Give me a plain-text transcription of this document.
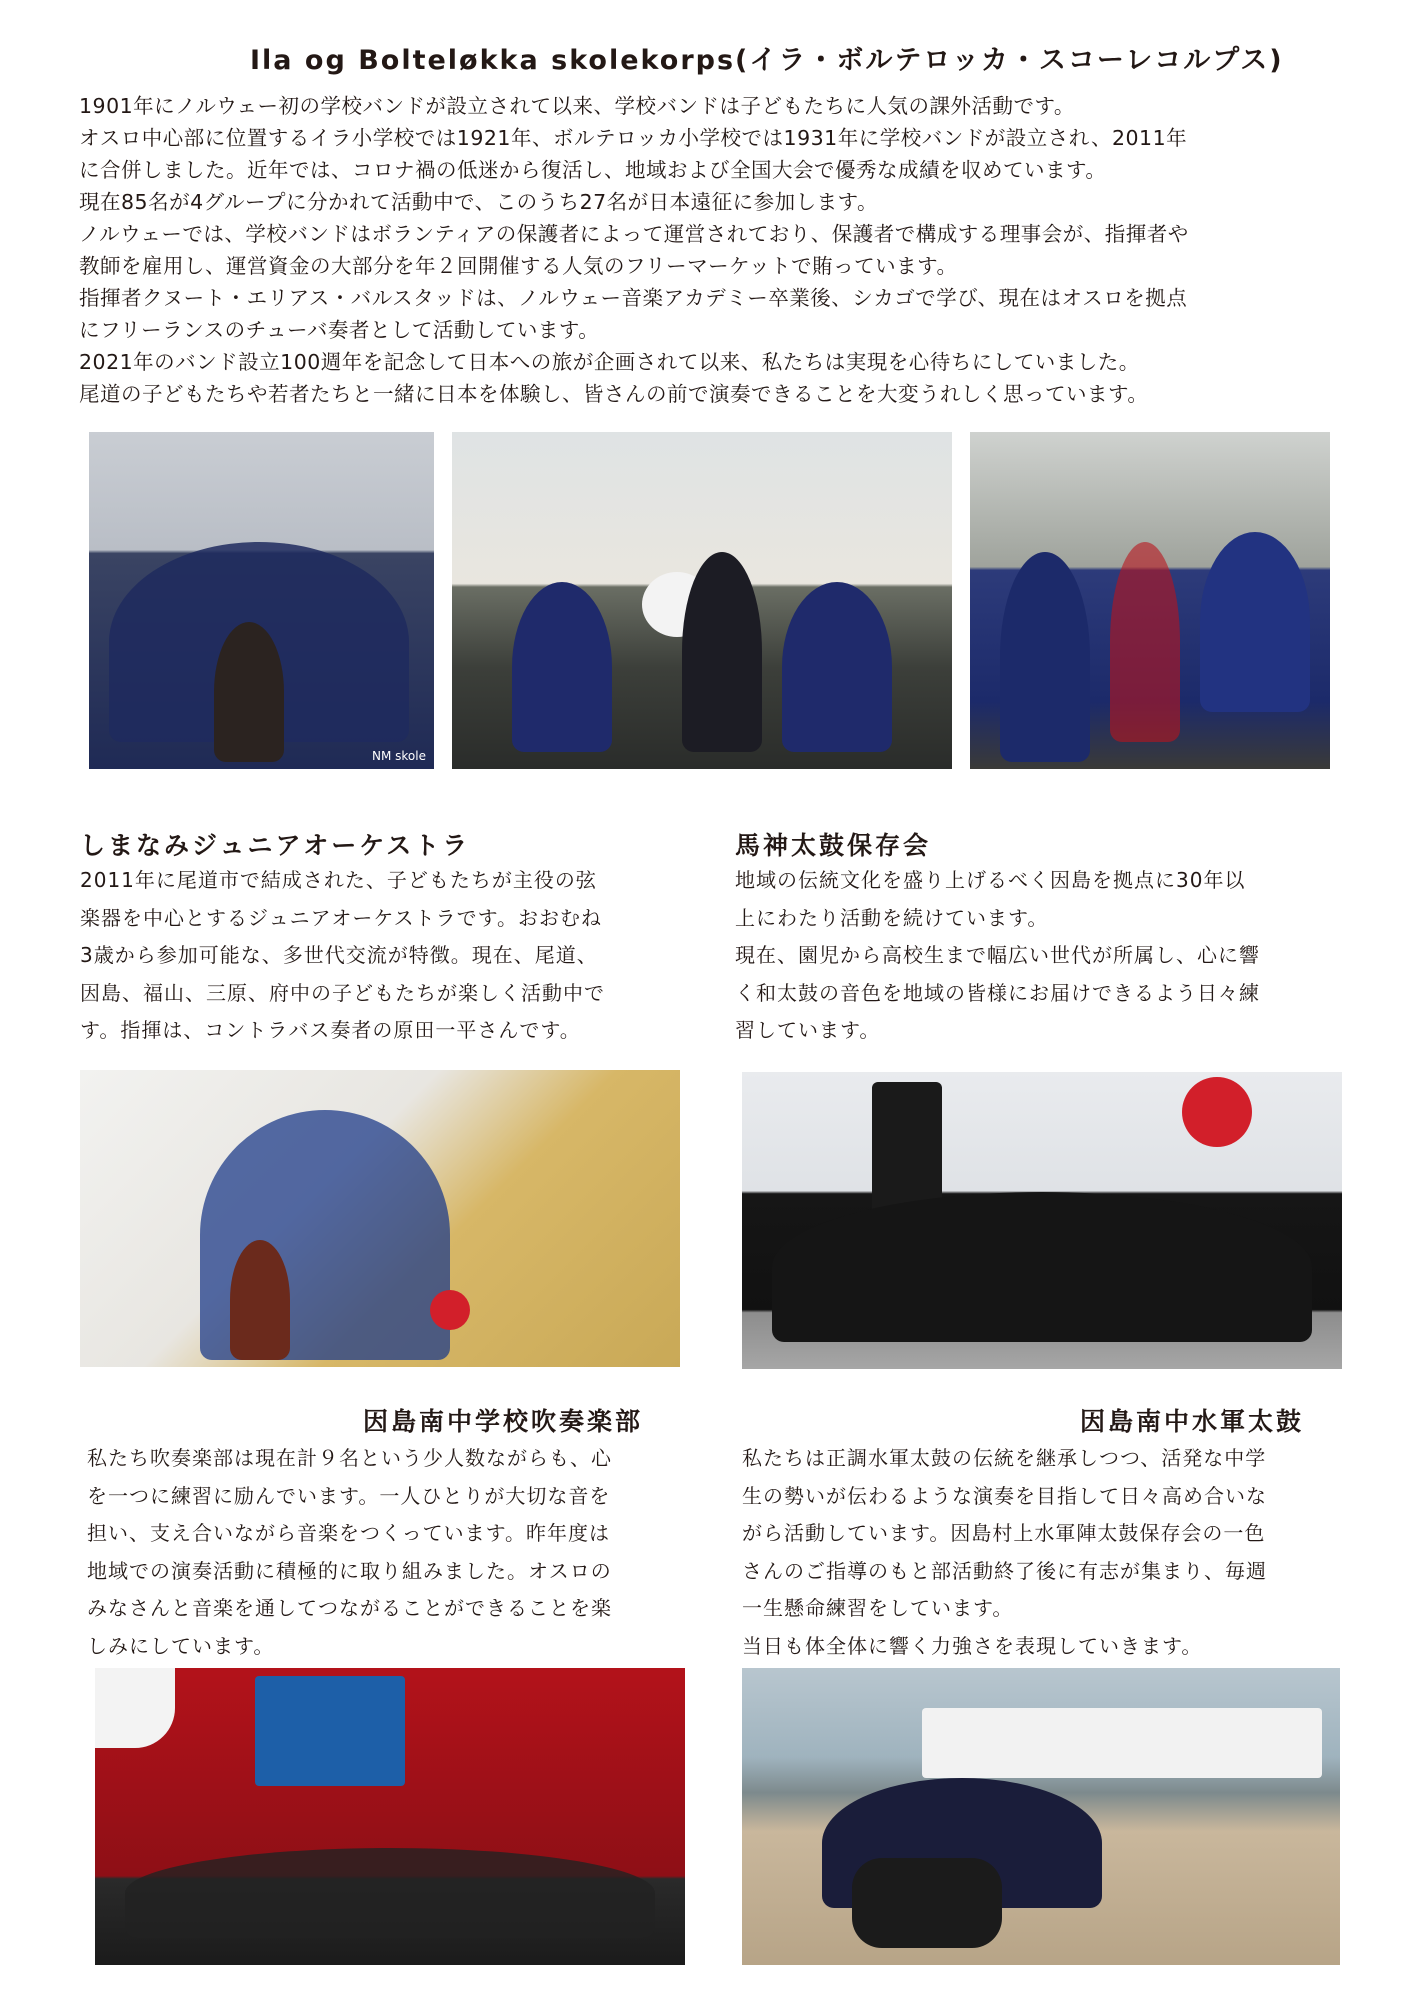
Ila og Bolteløkka skolekorps(イラ・ボルテロッカ・スコーレコルプス)
1901年にノルウェー初の学校バンドが設立されて以来、学校バンドは子どもたちに人気の課外活動です。
オスロ中心部に位置するイラ小学校では1921年、ボルテロッカ小学校では1931年に学校バンドが設立され、2011年
に合併しました。近年では、コロナ禍の低迷から復活し、地域および全国大会で優秀な成績を収めています。
現在85名が4グループに分かれて活動中で、このうち27名が日本遠征に参加します。
ノルウェーでは、学校バンドはボランティアの保護者によって運営されており、保護者で構成する理事会が、指揮者や
教師を雇用し、運営資金の大部分を年２回開催する人気のフリーマーケットで賄っています。
指揮者クヌート・エリアス・バルスタッドは、ノルウェー音楽アカデミー卒業後、シカゴで学び、現在はオスロを拠点
にフリーランスのチューバ奏者として活動しています。
2021年のバンド設立100週年を記念して日本への旅が企画されて以来、私たちは実現を心待ちにしていました。
尾道の子どもたちや若者たちと一緒に日本を体験し、皆さんの前で演奏できることを大変うれしく思っています。
NM skole
しまなみジュニアオーケストラ

2011年に尾道市で結成された、子どもたちが主役の弦

楽器を中心とするジュニアオーケストラです。おおむね

3歳から参加可能な、多世代交流が特徴。現在、尾道、

因島、福山、三原、府中の子どもたちが楽しく活動中で

す。指揮は、コントラバス奏者の原田一平さんです。

馬神太鼓保存会

地域の伝統文化を盛り上げるべく因島を拠点に30年以

上にわたり活動を続けています。

現在、園児から高校生まで幅広い世代が所属し、心に響

く和太鼓の音色を地域の皆様にお届けできるよう日々練

習しています。

因島南中学校吹奏楽部

私たち吹奏楽部は現在計９名という少人数ながらも、心

を一つに練習に励んでいます。一人ひとりが大切な音を

担い、支え合いながら音楽をつくっています。昨年度は

地域での演奏活動に積極的に取り組みました。オスロの

みなさんと音楽を通してつながることができることを楽

しみにしています。

因島南中水軍太鼓

私たちは正調水軍太鼓の伝統を継承しつつ、活発な中学

生の勢いが伝わるような演奏を目指して日々高め合いな

がら活動しています。因島村上水軍陣太鼓保存会の一色

さんのご指導のもと部活動終了後に有志が集まり、毎週

一生懸命練習をしています。

当日も体全体に響く力強さを表現していきます。
